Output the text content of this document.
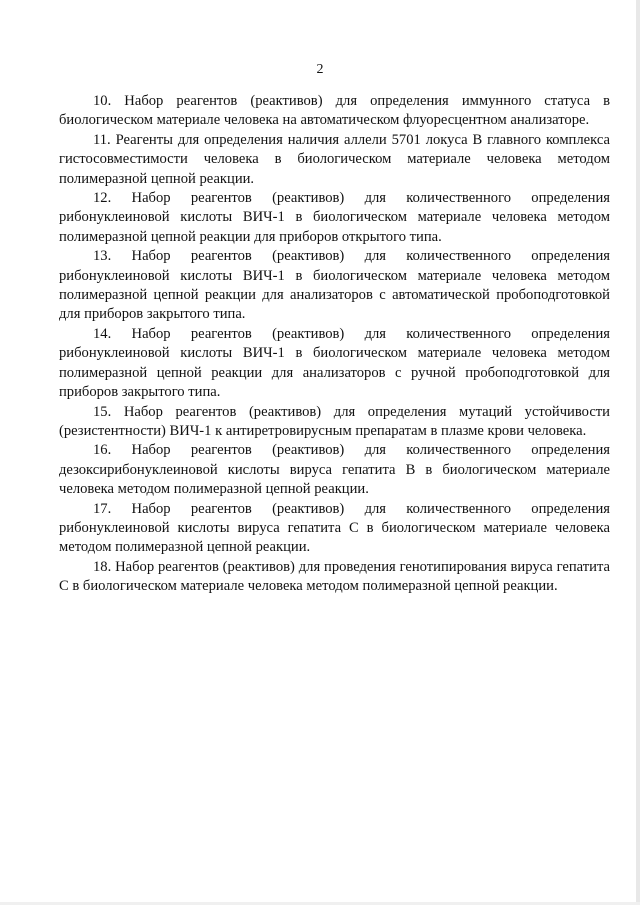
2

10. Набор реагентов (реактивов) для определения иммунного статуса в биологическом материале человека на автоматическом флуоресцентном анализаторе.

11. Реагенты для определения наличия аллели 5701 локуса В главного комплекса гистосовместимости человека в биологическом материале человека методом полимеразной цепной реакции.

12. Набор реагентов (реактивов) для количественного определения рибонуклеиновой кислоты ВИЧ-1 в биологическом материале человека методом полимеразной цепной реакции для приборов открытого типа.

13. Набор реагентов (реактивов) для количественного определения рибонуклеиновой кислоты ВИЧ-1 в биологическом материале человека методом полимеразной цепной реакции для анализаторов с автоматической пробоподготовкой для приборов закрытого типа.

14. Набор реагентов (реактивов) для количественного определения рибонуклеиновой кислоты ВИЧ-1 в биологическом материале человека методом полимеразной цепной реакции для анализаторов с ручной пробоподготовкой для приборов закрытого типа.

15. Набор реагентов (реактивов) для определения мутаций устойчивости (резистентности) ВИЧ-1 к антиретровирусным препаратам в плазме крови человека.

16. Набор реагентов (реактивов) для количественного определения дезоксирибонуклеиновой кислоты вируса гепатита В в биологическом материале человека методом полимеразной цепной реакции.

17. Набор реагентов (реактивов) для количественного определения рибонуклеиновой кислоты вируса гепатита С в биологическом материале человека методом полимеразной цепной реакции.

18. Набор реагентов (реактивов) для проведения генотипирования вируса гепатита С в биологическом материале человека методом полимеразной цепной реакции.
